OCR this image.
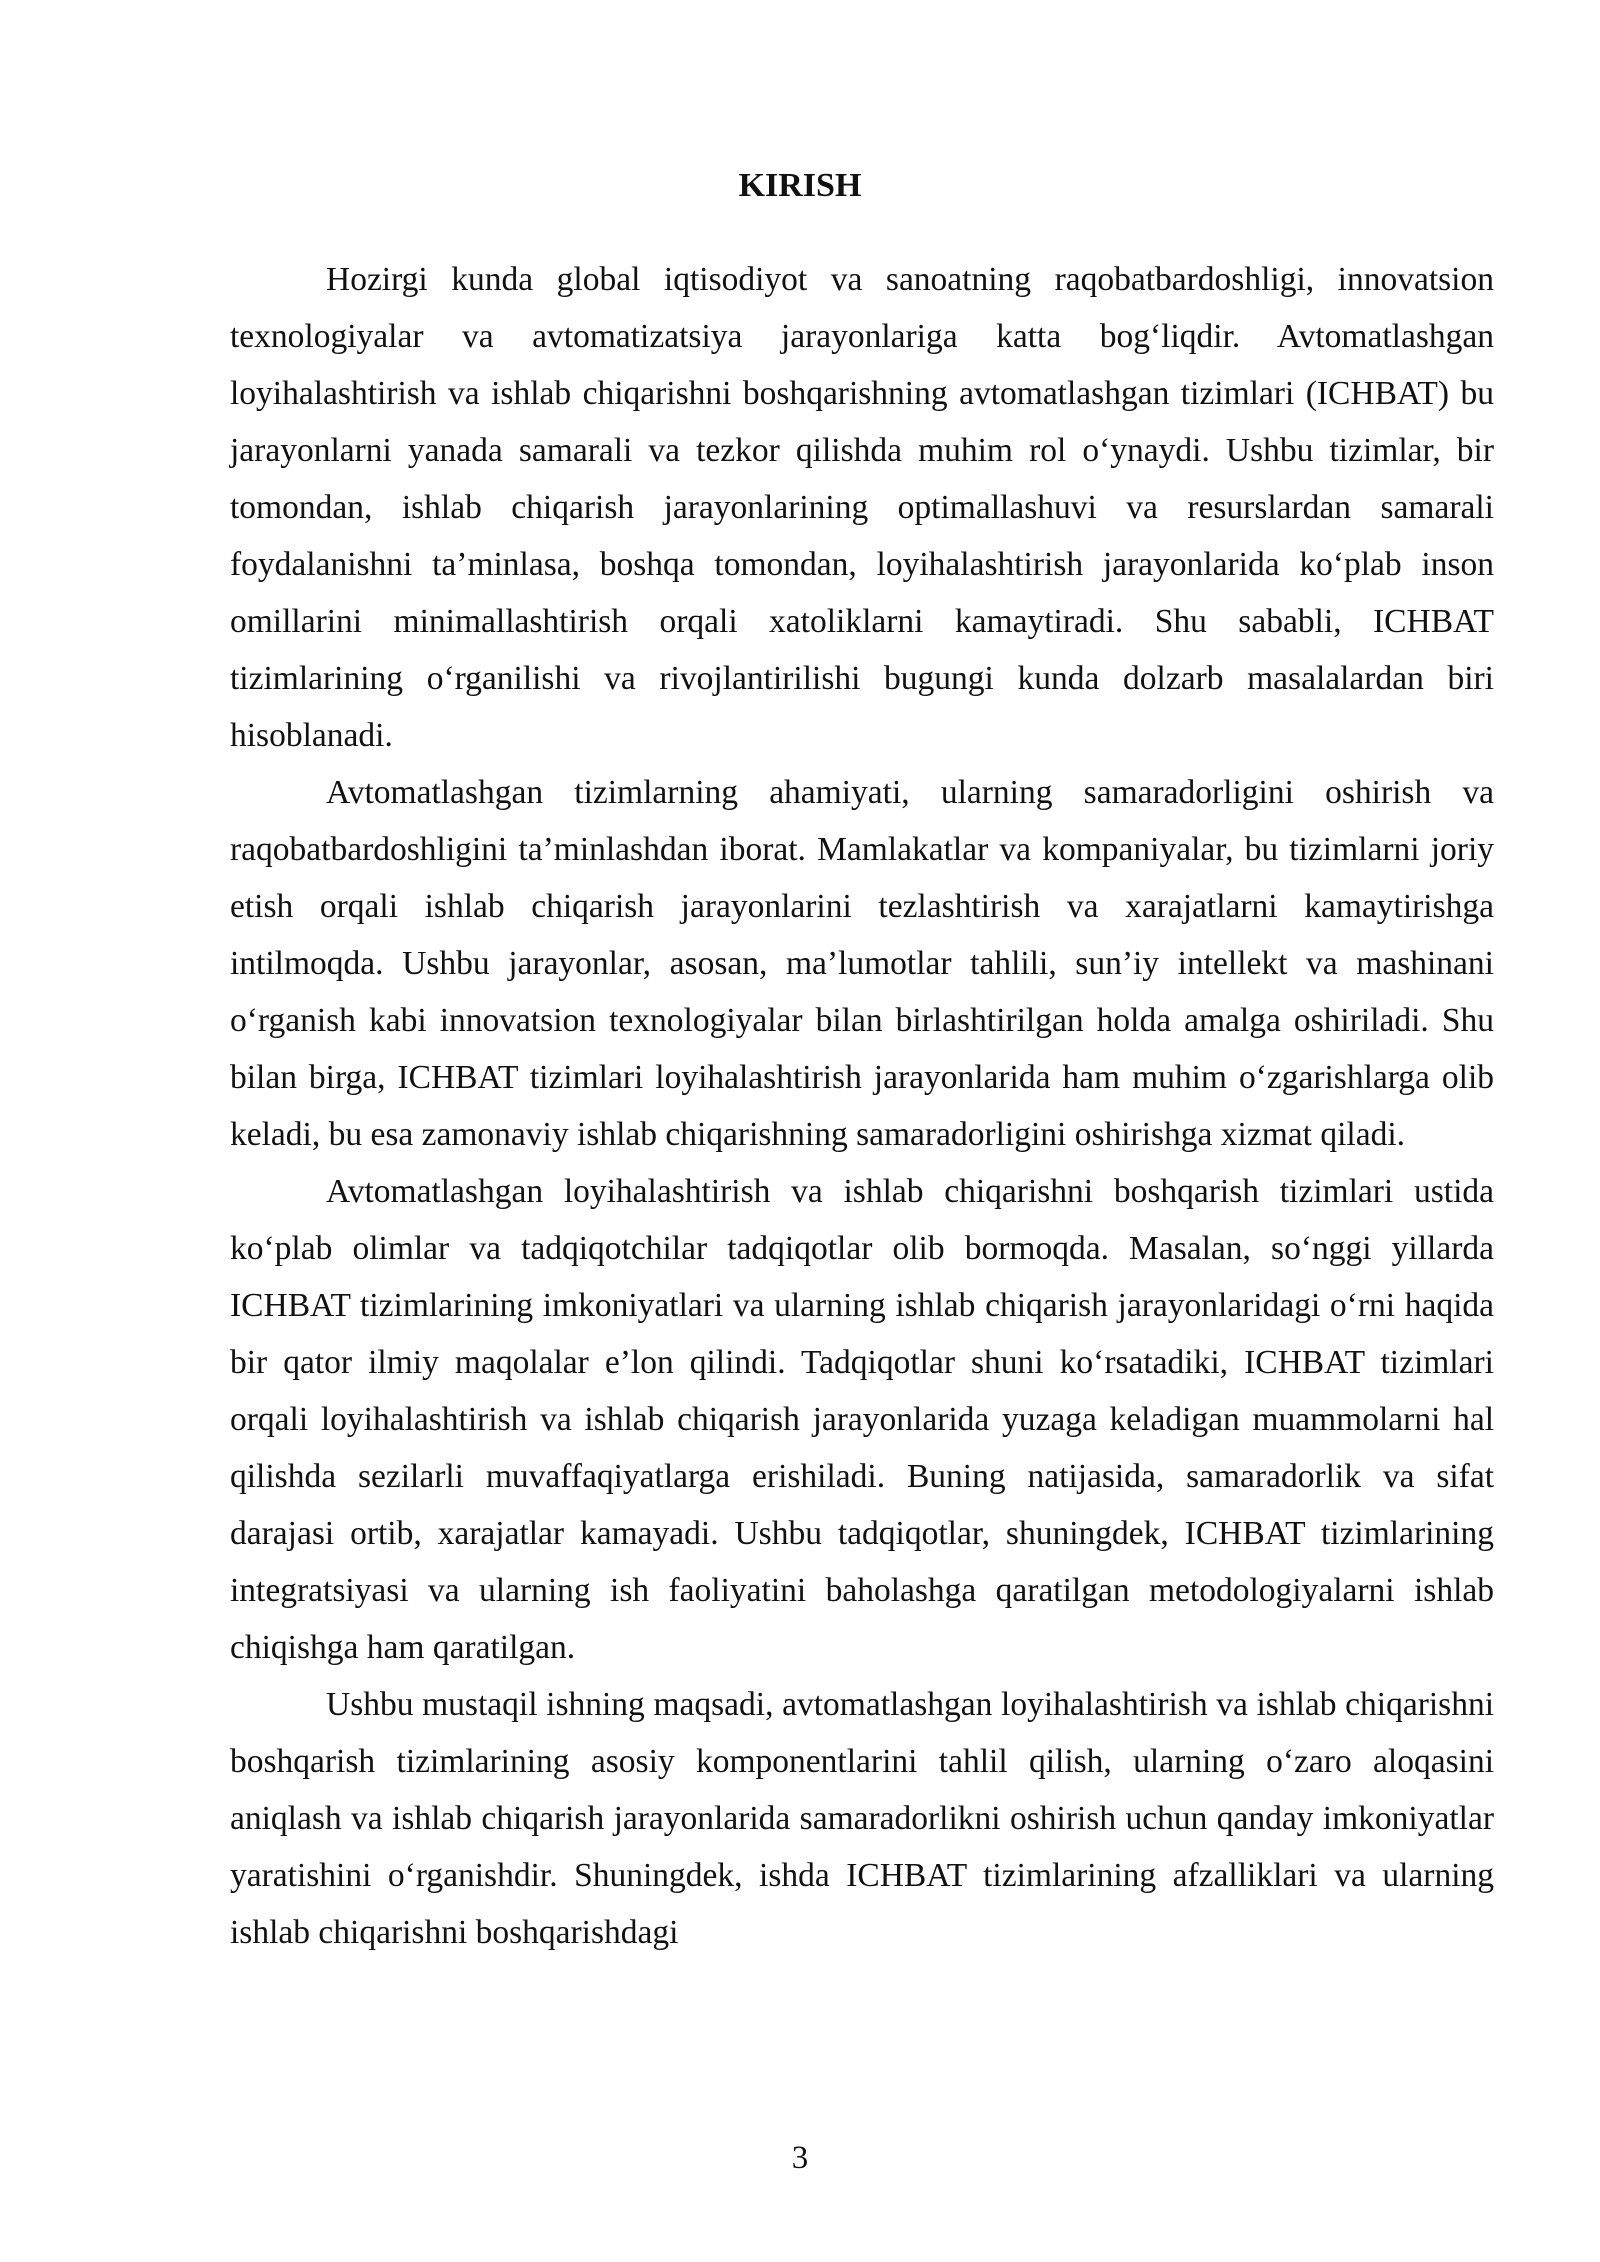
KIRISH

Hozirgi kunda global iqtisodiyot va sanoatning raqobatbardoshligi, innovatsion texnologiyalar va avtomatizatsiya jarayonlariga katta bog‘liqdir. Avtomatlashgan loyihalashtirish va ishlab chiqarishni boshqarishning avtomatlashgan tizimlari (ICHBAT) bu jarayonlarni yanada samarali va tezkor qilishda muhim rol o‘ynaydi. Ushbu tizimlar, bir tomondan, ishlab chiqarish jarayonlarining optimallashuvi va resurslardan samarali foydalanishni ta’minlasa, boshqa tomondan, loyihalashtirish jarayonlarida ko‘plab inson omillarini minimallashtirish orqali xatoliklarni kamaytiradi. Shu sababli, ICHBAT tizimlarining o‘rganilishi va rivojlantirilishi bugungi kunda dolzarb masalalardan biri hisoblanadi.

Avtomatlashgan tizimlarning ahamiyati, ularning samaradorligini oshirish va raqobatbardoshligini ta’minlashdan iborat. Mamlakatlar va kompaniyalar, bu tizimlarni joriy etish orqali ishlab chiqarish jarayonlarini tezlashtirish va xarajatlarni kamaytirishga intilmoqda. Ushbu jarayonlar, asosan, ma’lumotlar tahlili, sun’iy intellekt va mashinani o‘rganish kabi innovatsion texnologiyalar bilan birlashtirilgan holda amalga oshiriladi. Shu bilan birga, ICHBAT tizimlari loyihalashtirish jarayonlarida ham muhim o‘zgarishlarga olib keladi, bu esa zamonaviy ishlab chiqarishning samaradorligini oshirishga xizmat qiladi.

Avtomatlashgan loyihalashtirish va ishlab chiqarishni boshqarish tizimlari ustida ko‘plab olimlar va tadqiqotchilar tadqiqotlar olib bormoqda. Masalan, so‘nggi yillarda ICHBAT tizimlarining imkoniyatlari va ularning ishlab chiqarish jarayonlaridagi o‘rni haqida bir qator ilmiy maqolalar e’lon qilindi. Tadqiqotlar shuni ko‘rsatadiki, ICHBAT tizimlari orqali loyihalashtirish va ishlab chiqarish jarayonlarida yuzaga keladigan muammolarni hal qilishda sezilarli muvaffaqiyatlarga erishiladi. Buning natijasida, samaradorlik va sifat darajasi ortib, xarajatlar kamayadi. Ushbu tadqiqotlar, shuningdek, ICHBAT tizimlarining integratsiyasi va ularning ish faoliyatini baholashga qaratilgan metodologiyalarni ishlab chiqishga ham qaratilgan.

Ushbu mustaqil ishning maqsadi, avtomatlashgan loyihalashtirish va ishlab chiqarishni boshqarish tizimlarining asosiy komponentlarini tahlil qilish, ularning o‘zaro aloqasini aniqlash va ishlab chiqarish jarayonlarida samaradorlikni oshirish uchun qanday imkoniyatlar yaratishini o‘rganishdir. Shuningdek, ishda ICHBAT tizimlarining afzalliklari va ularning ishlab chiqarishni boshqarishdagi

3
